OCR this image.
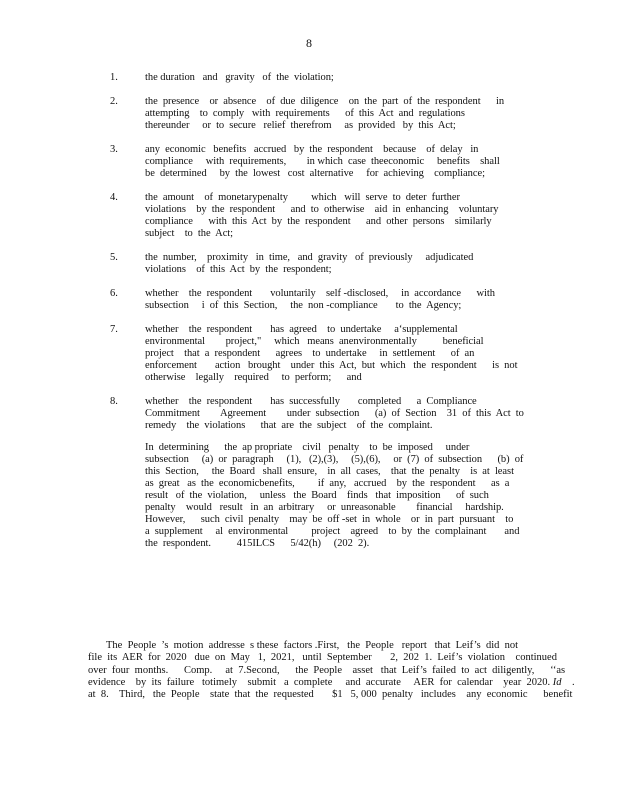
8
1.	the duration   and   gravity   of  the  violation;
2.	the  presence    or  absence    of  due  diligence    on  the  part  of  the  respondent      in
attempting    to  comply   with  requirements      of  this  Act  and  regulations
thereunder     or  to  secure   relief  therefrom     as  provided   by  this  Act;
3.	any  economic   benefits   accrued   by  the  respondent    because    of  delay   in
compliance     with  requirements,        in which  case  theeconomic     benefits    shall
be  determined     by  the  lowest   cost  alternative     for  achieving    compliance;
4.	the  amount    of  monetarypenalty         which   will  serve  to  deter  further
violations    by  the  respondent      and  to  otherwise    aid  in  enhancing    voluntary
compliance      with  this  Act  by  the  respondent      and  other  persons    similarly
subject    to  the  Act;
5.	the  number,    proximity   in  time,   and  gravity   of  previously     adjudicated
violations    of  this  Act  by  the  respondent;
6.	whether    the  respondent       voluntarily    self -disclosed,     in  accordance      with
subsection     i  of  this  Section,     the  non -compliance       to  the  Agency;
7.	whether    the  respondent       has  agreed    to  undertake     a‘supplemental
environmental        project,"     which   means  anenvironmentally          beneficial
project    that  a  respondent      agrees    to  undertake     in  settlement      of  an
enforcement       action   brought    under  this  Act,  but  which   the  respondent      is  not
otherwise    legally    required     to  perform;      and
8.	whether    the  respondent       has  successfully       completed      a  Compliance
Commitment        Agreement        under  subsection      (a)  of  Section    31  of  this  Act  to
remedy    the  violations      that  are  the  subject    of  the  complaint.
In  determining      the  ap propriate    civil   penalty    to  be  imposed     under
subsection     (a)  or  paragraph     (1),   (2),(3),     (5),(6),     or  (7)  of  subsection      (b)  of
this  Section,     the  Board   shall  ensure,    in  all  cases,    that  the  penalty    is  at  least
as  great   as  the  economicbenefits,         if  any,   accrued    by  the  respondent      as  a
result   of  the  violation,     unless   the  Board    finds   that  imposition      of  such
penalty    would   result   in  an  arbitrary     or  unreasonable        financial     hardship.
However,      such  civil  penalty    may  be  off -set  in  whole    or  in  part  pursuant    to
a  supplement     al  environmental         project    agreed    to  by  the  complainant       and
the  respondent.          415ILCS      5/42(h)     (202  2).
The  People  ’s  motion  addresse  s these  factors .First,   the  People   report   that  Leif’s  did  not
file  its  AER  for  2020   due  on  May   1,  2021,   until  September       2,  202  1.  Leif’s  violation    continued
over  four  months.      Comp.     at  7.Second,      the  People    asset   that  Leif’s  failed  to  act  diligently,      ‘‘as
evidence    by  its  failure   totimely    submit   a  complete     and  accurate     AER  for  calendar    year  2020. Id    .
at  8.    Third,   the  People    state  that  the  requested       $1   5, 000  penalty   includes    any  economic      benefit
